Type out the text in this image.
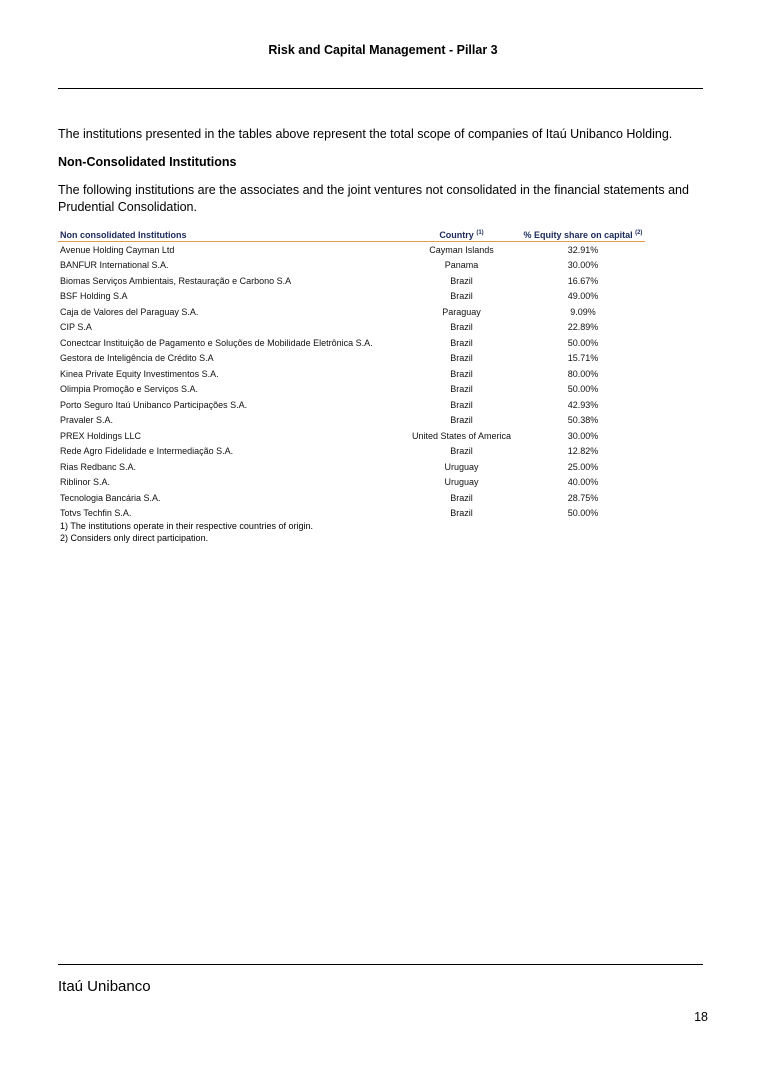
Risk and Capital Management - Pillar 3
The institutions presented in the tables above represent the total scope of companies of Itaú Unibanco Holding.
Non-Consolidated Institutions
The following institutions are the associates and the joint ventures not consolidated in the financial statements and Prudential Consolidation.
Non consolidated Institutions	Country $^{(1)}$	% Equity share on capital $^{(2)}$
Avenue Holding Cayman Ltd	Cayman Islands	32.91%
BANFUR International S.A.	Panama	30.00%
Biomas Serviços Ambientais, Restauração e Carbono S.A	Brazil	16.67%
BSF Holding S.A	Brazil	49.00%
Caja de Valores del Paraguay S.A.	Paraguay	9.09%
CIP S.A	Brazil	22.89%
Conectcar Instituição de Pagamento e Soluções de Mobilidade Eletrônica S.A.	Brazil	50.00%
Gestora de Inteligência de Crédito S.A	Brazil	15.71%
Kinea Private Equity Investimentos S.A.	Brazil	80.00%
Olimpia Promoção e Serviços S.A.	Brazil	50.00%
Porto Seguro Itaú Unibanco Participações S.A.	Brazil	42.93%
Pravaler S.A.	Brazil	50.38%
PREX Holdings LLC	United States of America	30.00%
Rede Agro Fidelidade e Intermediação S.A.	Brazil	12.82%
Rias Redbanc S.A.	Uruguay	25.00%
Riblinor S.A.	Uruguay	40.00%
Tecnologia Bancária S.A.	Brazil	28.75%
Totvs Techfin S.A.	Brazil	50.00%
1) The institutions operate in their respective countries of origin.
2) Considers only direct participation.
Itaú Unibanco
18
